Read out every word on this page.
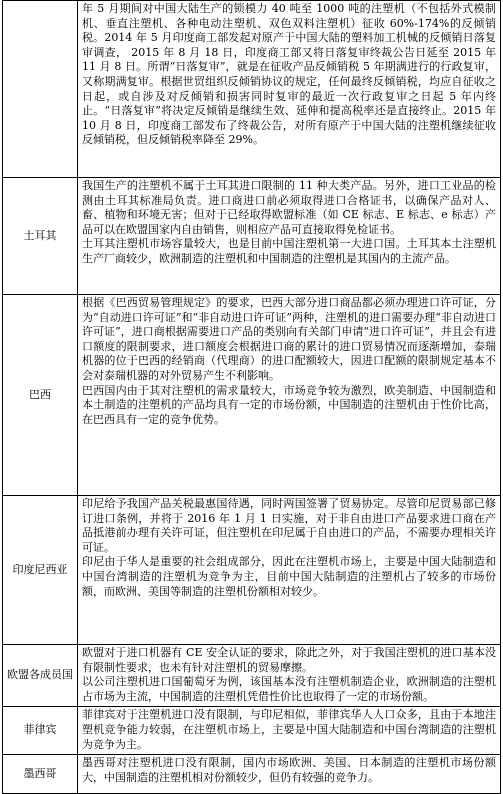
	年 5 月期间对中国大陆生产的锁模力 40 吨至 1000 吨的注塑机（不包括外式模制机、垂直注塑机、各种电动注塑机、双色双料注塑机）征收 60%-174%的反倾销税。2014 年 5 月印度商工部发起对原产于中国大陆的塑料加工机械的反倾销日落复审调查， 2015 年 8 月 18 日，印度商工部又将日落复审终裁公告日延至 2015 年 11 月 8 日。所谓“日落复审”，就是在征收产品反倾销税 5 年期满进行的行政复审，又称期满复审。根据世贸组织反倾销协议的规定，任何最终反倾销税，均应自征收之日起，或自涉及对反倾销和损害同时复审的最近一次行政复审之日起 5 年内终止。“日落复审”将决定反倾销是继续生效、延伸和提高税率还是直接终止。2015 年 10 月 8 日，印度商工部发布了终裁公告，对所有原产于中国大陆的注塑机继续征收反倾销税，但反倾销税率降至 29%。

土耳其	我国生产的注塑机不属于土耳其进口限制的 11 种大类产品。另外，进口工业品的检测由土耳其标准局负责。进口商进口前必须取得进口合格证书，以确保产品对人、畜、植物和环境无害；但对于已经取得欧盟标准（如 CE 标志、E 标志、e 标志）产品可以在欧盟国家内自由销售，则相应产品可直接取得免检证书。

土耳其注塑机市场容量较大，也是目前中国注塑机第一大进口国。土耳其本土注塑机生产厂商较少，欧洲制造的注塑机和中国制造的注塑机是其国内的主流产品。

巴西	根据《巴西贸易管理规定》的要求，巴西大部分进口商品都必须办理进口许可证，分为“自动进口许可证”和“非自动进口许可证”两种，注塑机的进口需要办理“非自动进口许可证”，进口商根据需要进口产品的类别向有关部门申请“进口许可证”，并且会有进口额度的限制要求，进口额度会根据进口商的累计的进口贸易情况而逐渐增加，泰瑞机器的位于巴西的经销商（代理商）的进口配额较大，因进口配额的限制规定基本不会对泰瑞机器的对外贸易产生不利影响。

巴西国内由于其对注塑机的需求量较大，市场竞争较为激烈，欧美制造、中国制造和本土制造的注塑机的产品均具有一定的市场份额，中国制造的注塑机由于性价比高，在巴西具有一定的竞争优势。

印度尼西亚	印尼给予我国产品关税最惠国待遇，同时两国签署了贸易协定。尽管印尼贸易部已修订进口条例，并将于 2016 年 1 月 1 日实施，对于非自由进口产品要求进口商在产品抵港前办理有关许可证，但注塑机在印尼属于自由进口的产品，不需要办理相关许可证。

印尼由于华人是重要的社会组成部分，因此在注塑机市场上，主要是中国大陆制造和中国台湾制造的注塑机为竞争为主，目前中国大陆制造的注塑机占了较多的市场份额，而欧洲、美国等制造的注塑机份额相对较少。

欧盟各成员国	欧盟对于进口机器有 CE 安全认证的要求，除此之外，对于我国注塑机的进口基本没有限制性要求，也未有针对注塑机的贸易摩擦。

以公司注塑机进口国葡萄牙为例，该国基本没有注塑机制造企业，欧洲制造的注塑机占市场为主流，中国制造的注塑机凭借性价比也取得了一定的市场份额。

菲律宾	菲律宾对于注塑机进口没有限制，与印尼相似，菲律宾华人人口众多，且由于本地注塑机竞争能力较弱，在注塑机市场上，主要是中国大陆制造和中国台湾制造的注塑机为竞争为主。

墨西哥	墨西哥对注塑机进口没有限制，国内市场欧洲、美国、日本制造的注塑机市场份额大，中国制造的注塑机相对份额较少，但仍有较强的竞争力。
